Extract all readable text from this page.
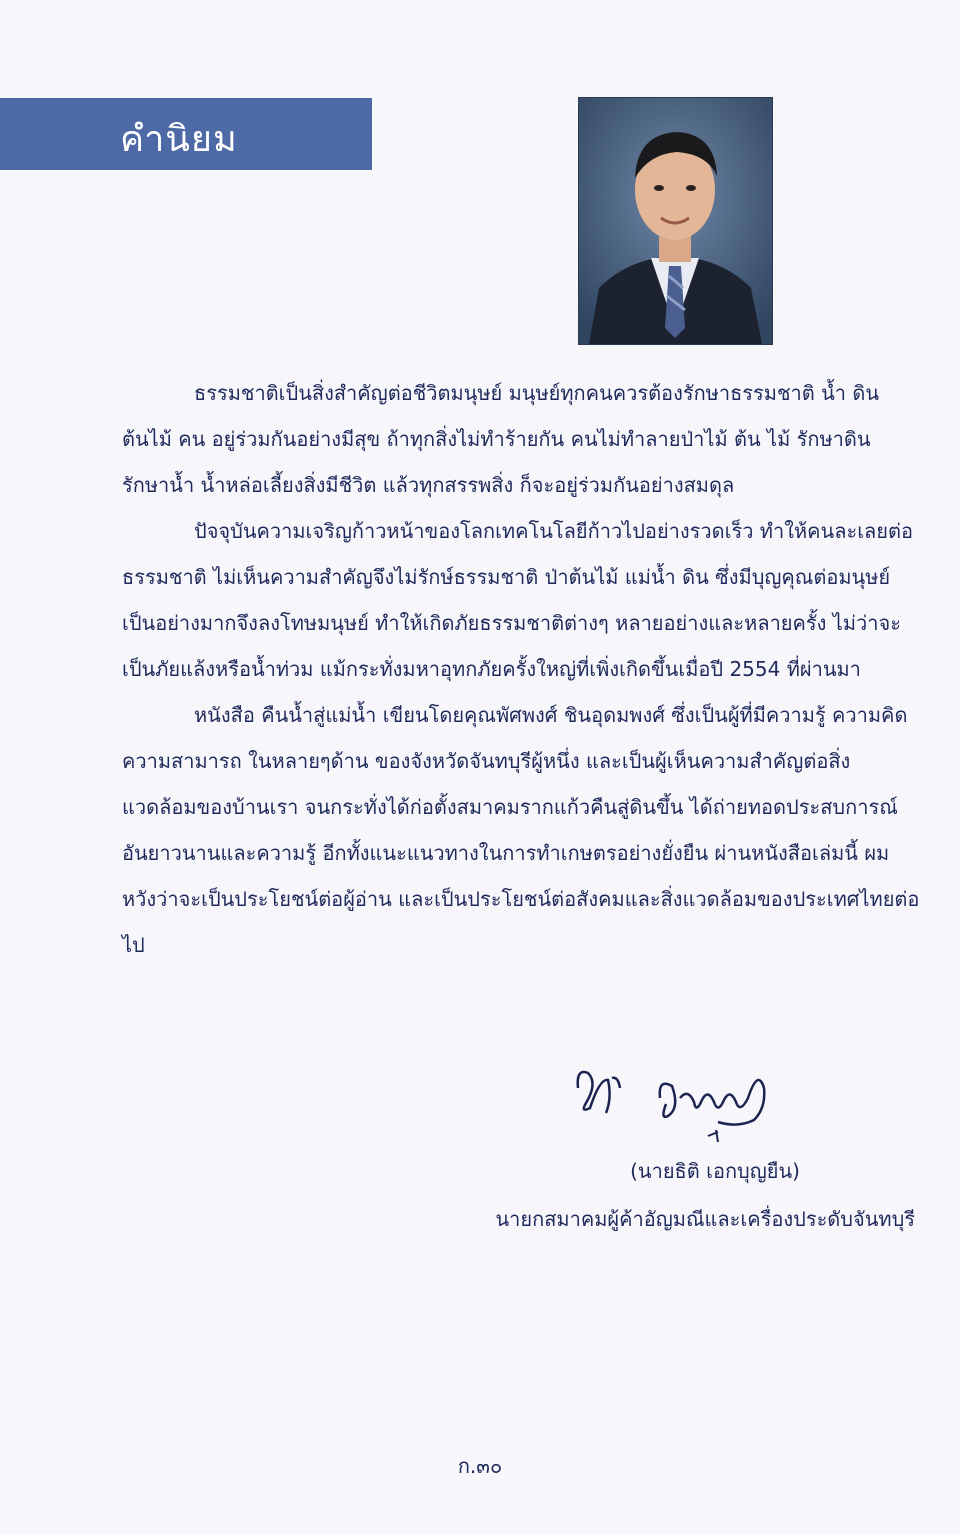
คำนิยม

ธรรมชาติเป็นสิ่งสำคัญต่อชีวิตมนุษย์ มนุษย์ทุกคนควรต้องรักษาธรรมชาติ น้ำ ดิน ต้นไม้ คน อยู่ร่วมกันอย่างมีสุข ถ้าทุกสิ่งไม่ทำร้ายกัน คนไม่ทำลายป่าไม้ ต้น ไม้ รักษาดิน รักษาน้ำ น้ำหล่อเลี้ยงสิ่งมีชีวิต แล้วทุกสรรพสิ่ง ก็จะอยู่ร่วมกันอย่างสมดุล

ปัจจุบันความเจริญก้าวหน้าของโลกเทคโนโลยีก้าวไปอย่างรวดเร็ว ทำให้คนละเลยต่อธรรมชาติ ไม่เห็นความสำคัญจึงไม่รักษ์ธรรมชาติ ป่าต้นไม้ แม่น้ำ ดิน ซึ่งมีบุญคุณต่อมนุษย์เป็นอย่างมากจึงลงโทษมนุษย์ ทำให้เกิดภัยธรรมชาติต่างๆ หลายอย่างและหลายครั้ง ไม่ว่าจะเป็นภัยแล้งหรือน้ำท่วม แม้กระทั่งมหาอุทกภัยครั้งใหญ่ที่เพิ่งเกิดขึ้นเมื่อปี 2554 ที่ผ่านมา

หนังสือ คืนน้ำสู่แม่น้ำ เขียนโดยคุณพัศพงศ์ ชินอุดมพงศ์ ซึ่งเป็นผู้ที่มีความรู้ ความคิด ความสามารถ ในหลายๆด้าน ของจังหวัดจันทบุรีผู้หนึ่ง และเป็นผู้เห็นความสำคัญต่อสิ่งแวดล้อมของบ้านเรา จนกระทั่งได้ก่อตั้งสมาคมรากแก้วคืนสู่ดินขึ้น ได้ถ่ายทอดประสบการณ์อันยาวนานและความรู้ อีกทั้งแนะแนวทางในการทำเกษตรอย่างยั่งยืน ผ่านหนังสือเล่มนี้ ผมหวังว่าจะเป็นประโยชน์ต่อผู้อ่าน และเป็นประโยชน์ต่อสังคมและสิ่งแวดล้อมของประเทศไทยต่อไป

(นายธิติ เอกบุญยืน)
นายกสมาคมผู้ค้าอัญมณีและเครื่องประดับจันทบุรี
ก.๓๐
